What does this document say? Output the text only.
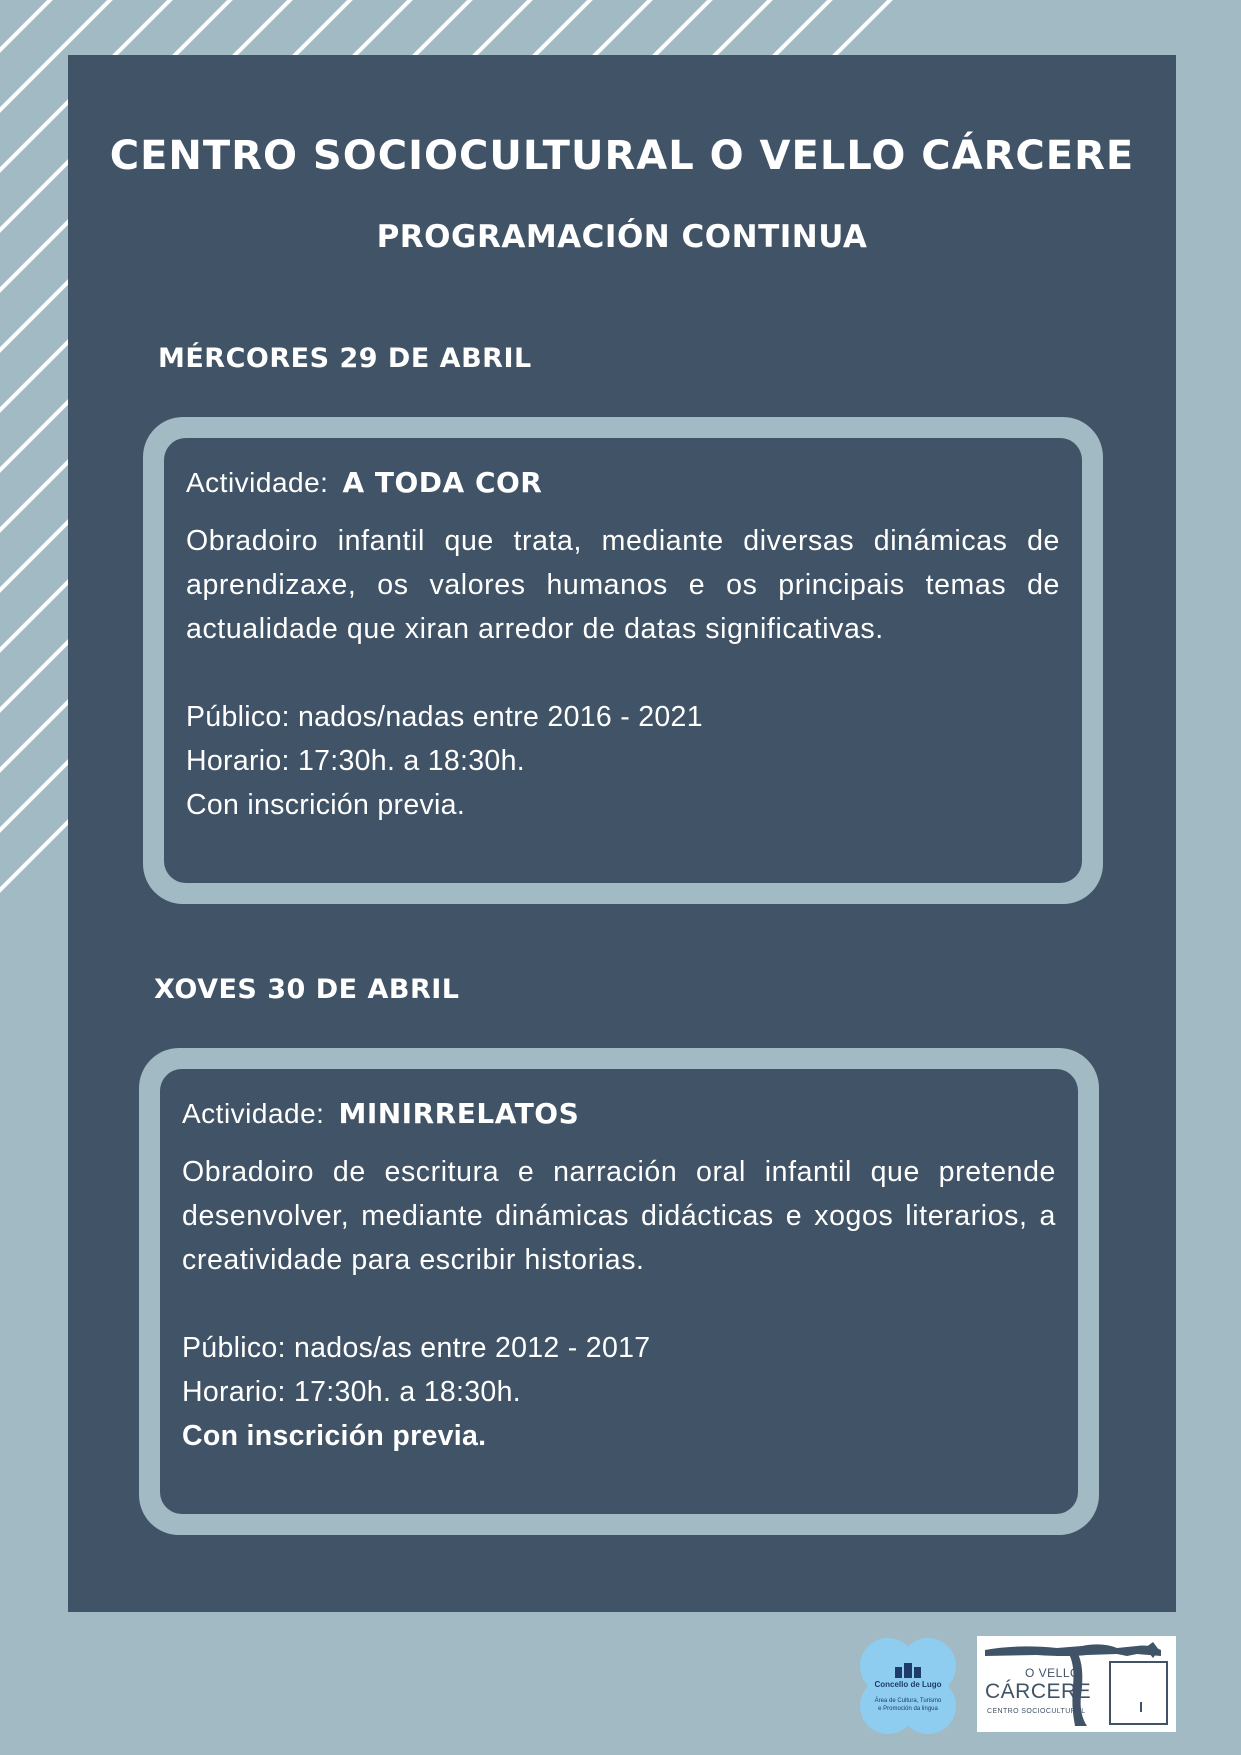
CENTRO SOCIOCULTURAL O VELLO CÁRCERE
PROGRAMACIÓN CONTINUA
MÉRCORES 29 DE ABRIL
Actividade: A TODA COR

Obradoiro infantil que trata, mediante diversas dinámicas de aprendizaxe, os valores humanos e os principais temas de actualidade que xiran arredor de datas significativas.

Público: nados/nadas entre 2016 - 2021
Horario: 17:30h. a 18:30h.
Con inscrición previa.
XOVES 30 DE ABRIL
Actividade: MINIRRELATOS

Obradoiro de escritura e narración oral infantil que pretende desenvolver, mediante dinámicas didácticas e xogos literarios, a creatividade para escribir historias.

Público: nados/as entre 2012 - 2017
Horario: 17:30h. a 18:30h.
Con inscrición previa.
Concello de Lugo
Área de Cultura, Turismo
e Promoción da lingua
O VELLO
CÁRCERE
CENTRO SOCIOCULTURAL
